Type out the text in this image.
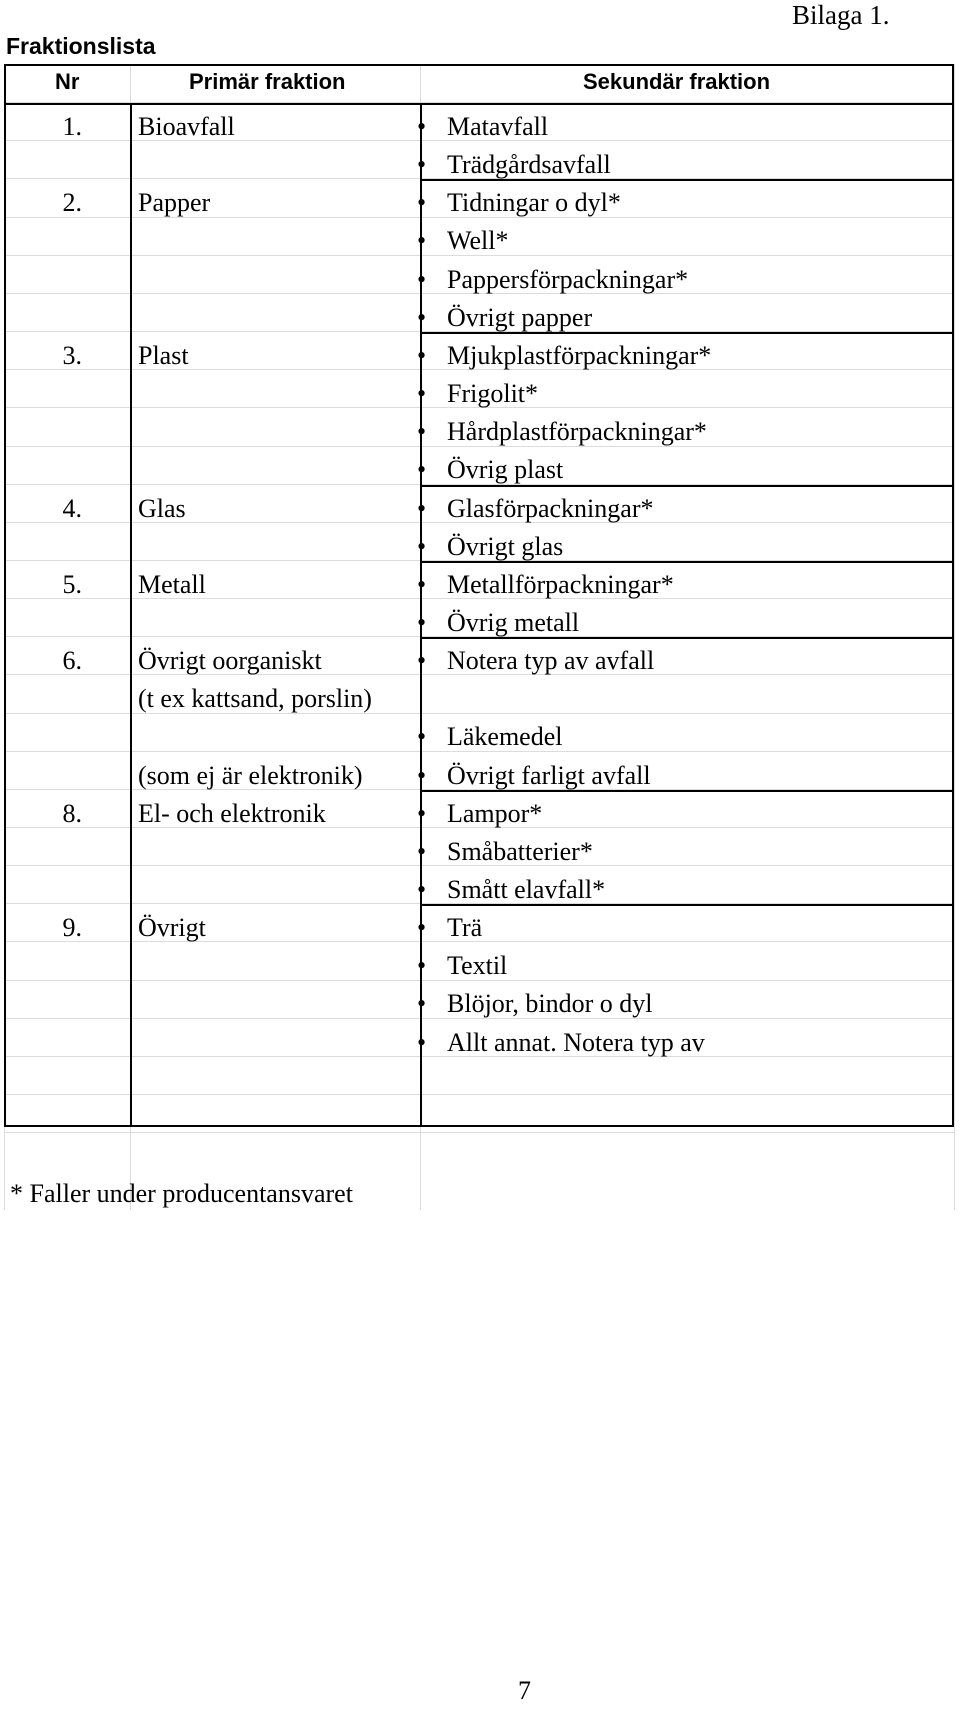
Bilaga 1.
Fraktionslista
Nr	Primär fraktion	Sekundär fraktion
1. Bioavfall	• Matavfall
• Trädgårdsavfall
2. Papper	• Tidningar o dyl*
• Well*
• Pappersförpackningar*
• Övrigt papper
3. Plast	• Mjukplastförpackningar*
• Frigolit*
• Hårdplastförpackningar*
• Övrig plast
4. Glas	• Glasförpackningar*
• Övrigt glas
5. Metall	• Metallförpackningar*
• Övrig metall
6. Övrigt oorganiskt	• Notera typ av avfall
(t ex kattsand, porslin)
• Läkemedel
(som ej är elektronik) • Övrigt farligt avfall
8. El- och elektronik	• Lampor*
• Småbatterier*
• Smått elavfall*
9. Övrigt	• Trä
• Textil
• Blöjor, bindor o dyl
• Allt annat. Notera typ av
* Faller under producentansvaret
7
